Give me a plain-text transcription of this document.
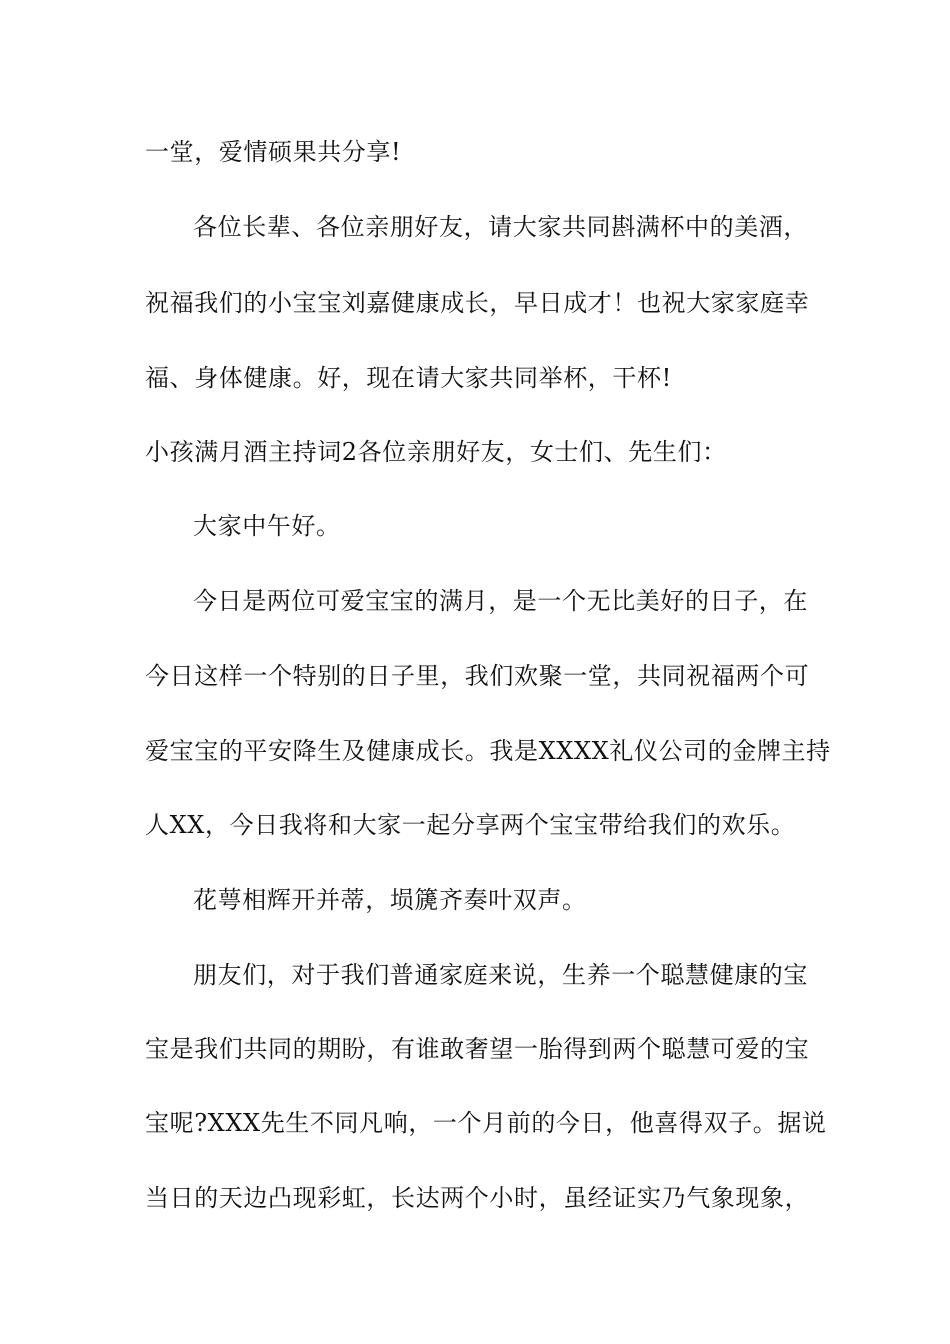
一堂，爱情硕果共分享!
各位长辈、各位亲朋好友，请大家共同斟满杯中的美酒，
祝福我们的小宝宝刘嘉健康成长，早日成才！也祝大家家庭幸
福、身体健康。好，现在请大家共同举杯，干杯!
小孩满月酒主持词2各位亲朋好友，女士们、先生们：
大家中午好。
今日是两位可爱宝宝的满月，是一个无比美好的日子，在
今日这样一个特别的日子里，我们欢聚一堂，共同祝福两个可
爱宝宝的平安降生及健康成长。我是XXXX礼仪公司的金牌主持
人XX，今日我将和大家一起分享两个宝宝带给我们的欢乐。
花萼相辉开并蒂，埙篪齐奏叶双声。
朋友们，对于我们普通家庭来说，生养一个聪慧健康的宝
宝是我们共同的期盼，有谁敢奢望一胎得到两个聪慧可爱的宝
宝呢?XXX先生不同凡响，一个月前的今日，他喜得双子。据说
当日的天边凸现彩虹，长达两个小时，虽经证实乃气象现象，
